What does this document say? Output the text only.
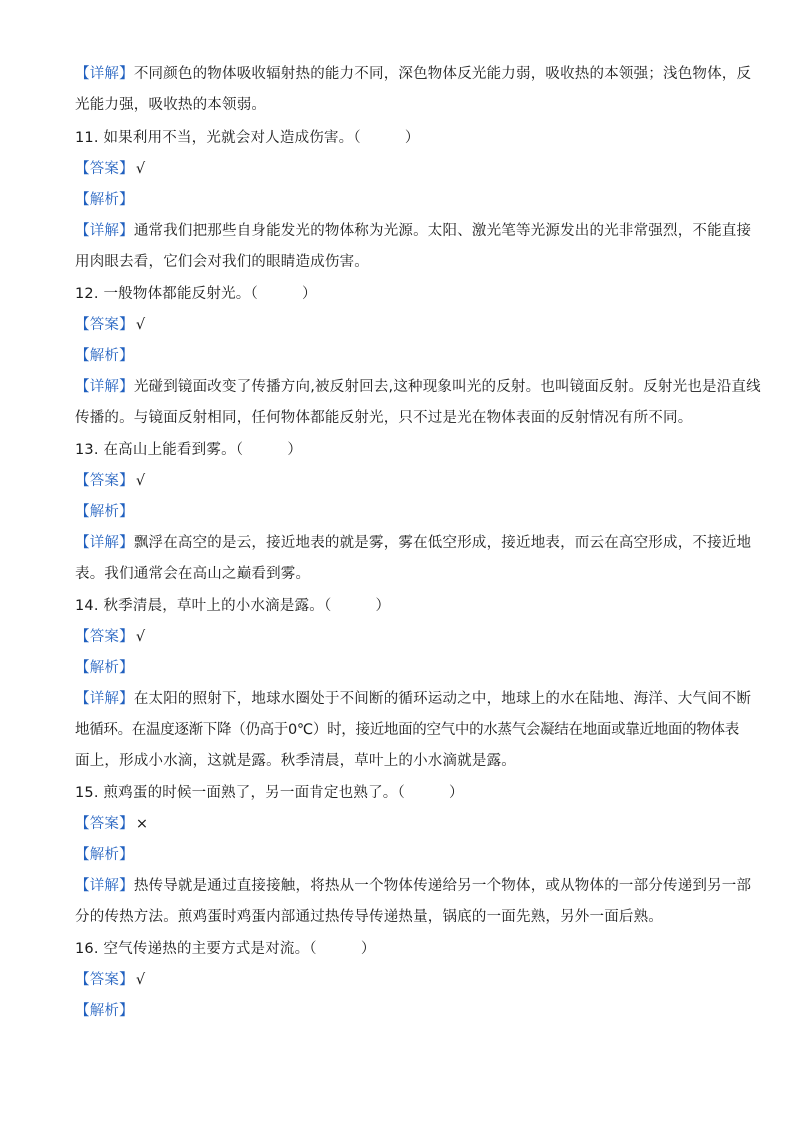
【详解】不同颜色的物体吸收辐射热的能力不同，深色物体反光能力弱，吸收热的本领强；浅色物体，反
光能力强，吸收热的本领弱。
11. 如果利用不当，光就会对人造成伤害。（　　　）
【答案】 √
【解析】
【详解】通常我们把那些自身能发光的物体称为光源。太阳、激光笔等光源发出的光非常强烈，不能直接
用肉眼去看，它们会对我们的眼睛造成伤害。
12. 一般物体都能反射光。（　　　）
【答案】 √
【解析】
【详解】光碰到镜面改变了传播方向,被反射回去,这种现象叫光的反射。也叫镜面反射。反射光也是沿直线
传播的。与镜面反射相同，任何物体都能反射光，只不过是光在物体表面的反射情况有所不同。
13. 在高山上能看到雾。（　　　）
【答案】 √
【解析】
【详解】飘浮在高空的是云，接近地表的就是雾，雾在低空形成，接近地表，而云在高空形成，不接近地
表。我们通常会在高山之巅看到雾。
14. 秋季清晨，草叶上的小水滴是露。（　　　）
【答案】 √
【解析】
【详解】在太阳的照射下，地球水圈处于不间断的循环运动之中，地球上的水在陆地、海洋、大气间不断
地循环。在温度逐渐下降（仍高于0℃）时，接近地面的空气中的水蒸气会凝结在地面或靠近地面的物体表
面上，形成小水滴，这就是露。秋季清晨，草叶上的小水滴就是露。
15. 煎鸡蛋的时候一面熟了，另一面肯定也熟了。（　　　）
【答案】 ×
【解析】
【详解】热传导就是通过直接接触，将热从一个物体传递给另一个物体，或从物体的一部分传递到另一部
分的传热方法。煎鸡蛋时鸡蛋内部通过热传导传递热量，锅底的一面先熟，另外一面后熟。
16. 空气传递热的主要方式是对流。（　　　）
【答案】 √
【解析】
